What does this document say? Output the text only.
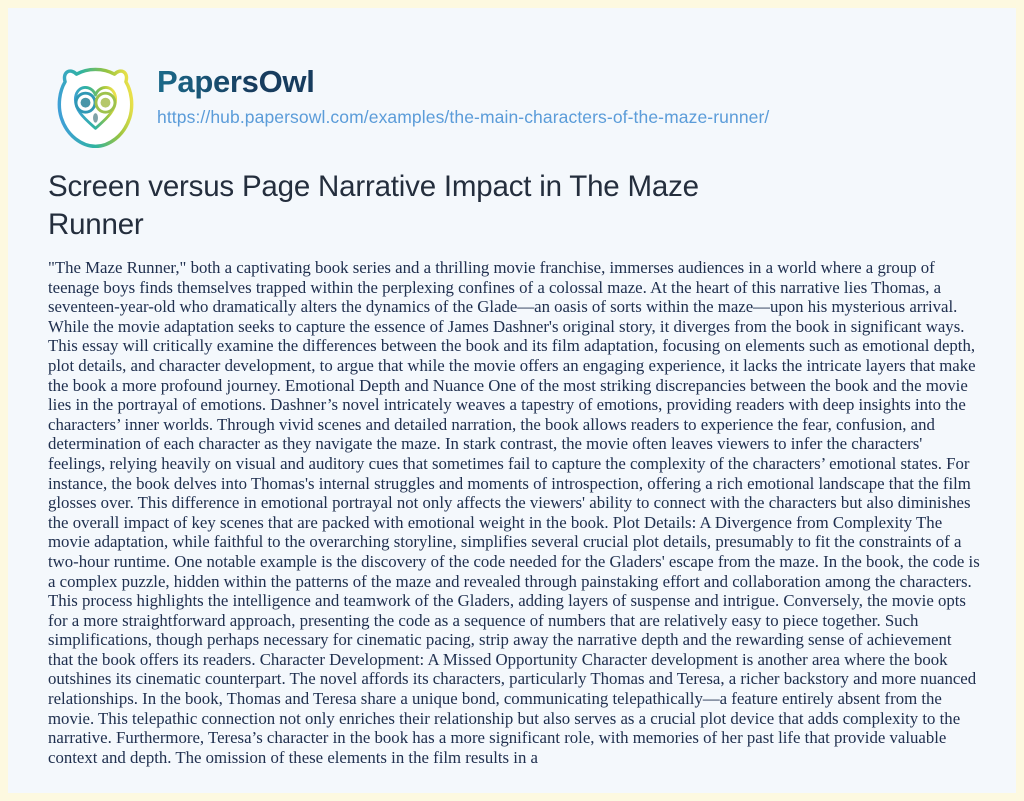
PapersOwl
https://hub.papersowl.com/examples/the-main-characters-of-the-maze-runner/
Screen versus Page Narrative Impact in The Maze Runner

"The Maze Runner," both a captivating book series and a thrilling movie franchise, immerses audiences in a world where a group of teenage boys finds themselves trapped within the perplexing confines of a colossal maze. At the heart of this narrative lies Thomas, a seventeen-year-old who dramatically alters the dynamics of the Glade—an oasis of sorts within the maze—upon his mysterious arrival. While the movie adaptation seeks to capture the essence of James Dashner's original story, it diverges from the book in significant ways. This essay will critically examine the differences between the book and its film adaptation, focusing on elements such as emotional depth, plot details, and character development, to argue that while the movie offers an engaging experience, it lacks the intricate layers that make the book a more profound journey. Emotional Depth and Nuance One of the most striking discrepancies between the book and the movie lies in the portrayal of emotions. Dashner’s novel intricately weaves a tapestry of emotions, providing readers with deep insights into the characters’ inner worlds. Through vivid scenes and detailed narration, the book allows readers to experience the fear, confusion, and determination of each character as they navigate the maze. In stark contrast, the movie often leaves viewers to infer the characters' feelings, relying heavily on visual and auditory cues that sometimes fail to capture the complexity of the characters’ emotional states. For instance, the book delves into Thomas's internal struggles and moments of introspection, offering a rich emotional landscape that the film glosses over. This difference in emotional portrayal not only affects the viewers' ability to connect with the characters but also diminishes the overall impact of key scenes that are packed with emotional weight in the book. Plot Details: A Divergence from Complexity The movie adaptation, while faithful to the overarching storyline, simplifies several crucial plot details, presumably to fit the constraints of a two-hour runtime. One notable example is the discovery of the code needed for the Gladers' escape from the maze. In the book, the code is a complex puzzle, hidden within the patterns of the maze and revealed through painstaking effort and collaboration among the characters. This process highlights the intelligence and teamwork of the Gladers, adding layers of suspense and intrigue. Conversely, the movie opts for a more straightforward approach, presenting the code as a sequence of numbers that are relatively easy to piece together. Such simplifications, though perhaps necessary for cinematic pacing, strip away the narrative depth and the rewarding sense of achievement that the book offers its readers. Character Development: A Missed Opportunity Character development is another area where the book outshines its cinematic counterpart. The novel affords its characters, particularly Thomas and Teresa, a richer backstory and more nuanced relationships. In the book, Thomas and Teresa share a unique bond, communicating telepathically—a feature entirely absent from the movie. This telepathic connection not only enriches their relationship but also serves as a crucial plot device that adds complexity to the narrative. Furthermore, Teresa’s character in the book has a more significant role, with memories of her past life that provide valuable context and depth. The omission of these elements in the film results in a
